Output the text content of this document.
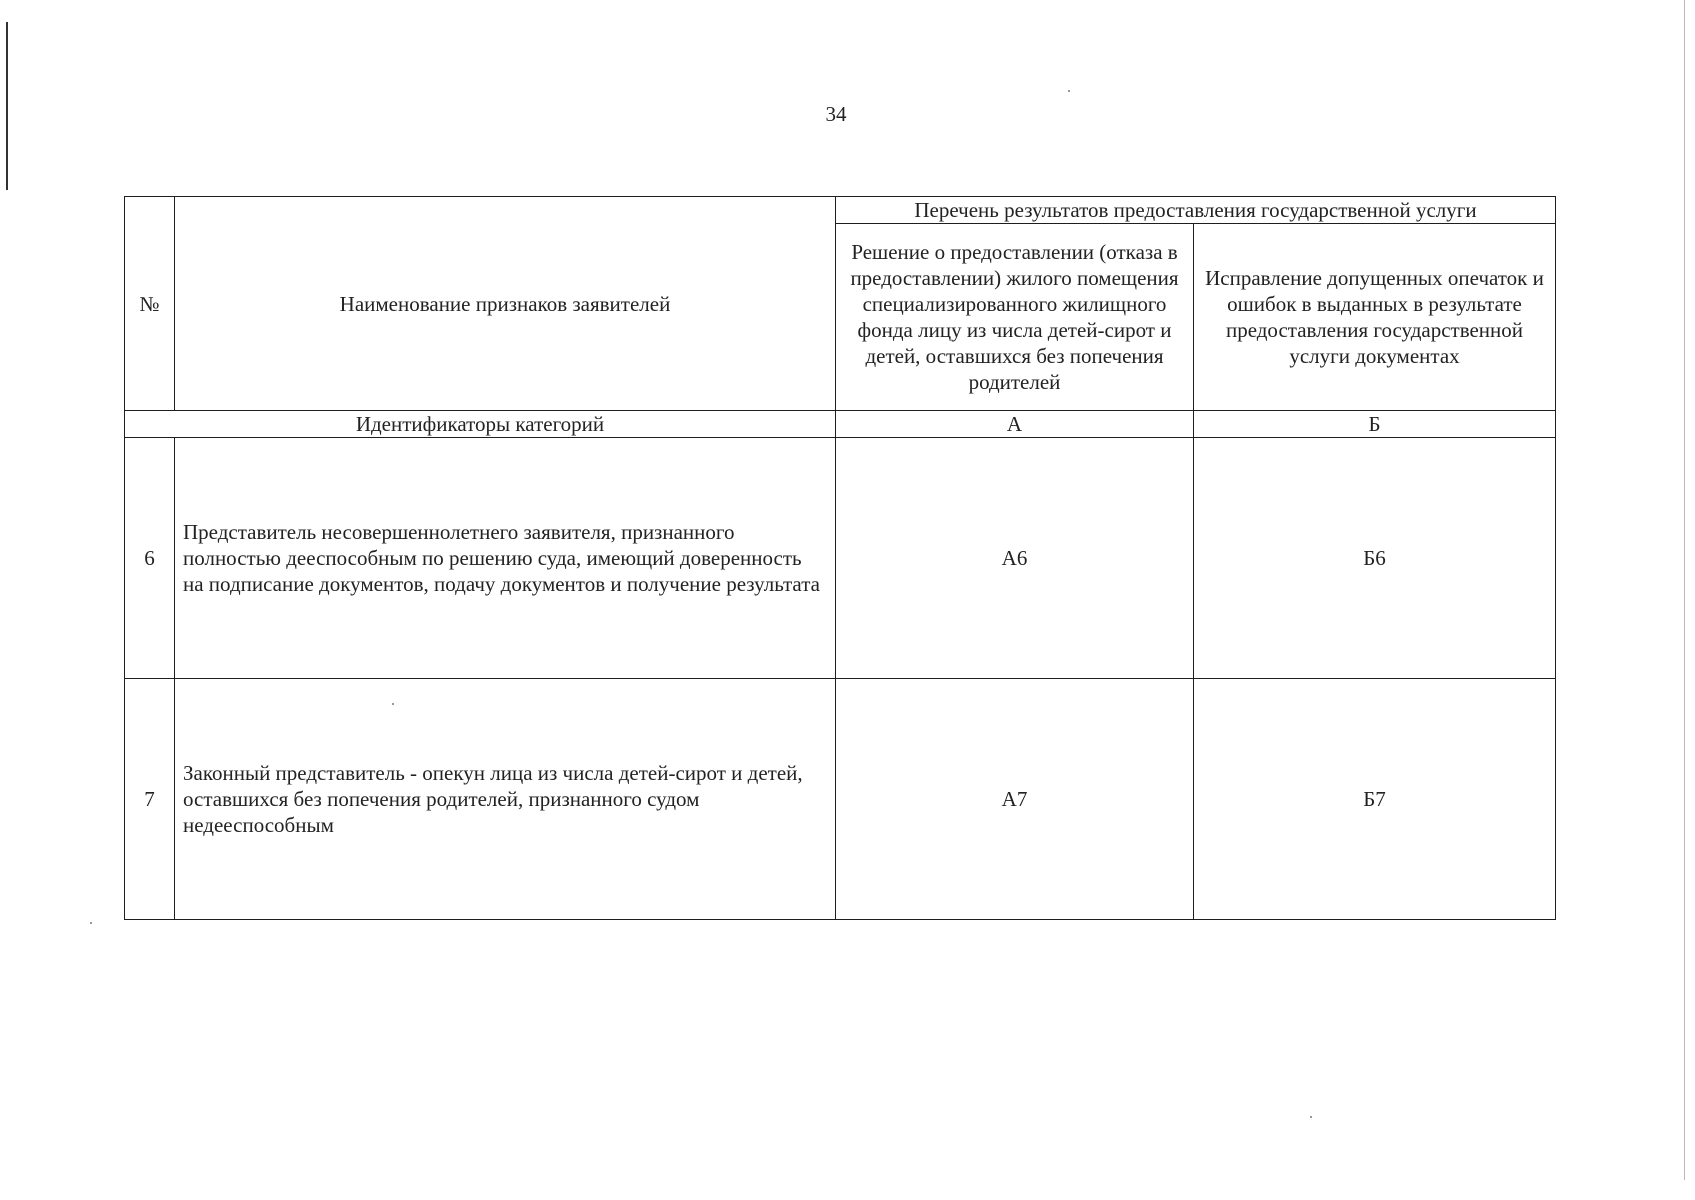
34
№	Наименование признаков заявителей	Перечень результатов предоставления государственной услуги	

		Решение о предоставлении (отказа в предоставлении) жилого помещения специализированного жилищного фонда лицу из числа детей-сирот и детей, оставшихся без попечения родителей	Исправление допущенных опечаток и ошибок в выданных в результате предоставления государственной услуги документах

Идентификаторы категорий		А	Б

6	Представитель несовершеннолетнего заявителя, признанного полностью дееспособным по решению суда, имеющий доверенность на подписание документов, подачу документов и получение результата	А6	Б6

7	Законный представитель - опекун лица из числа детей-сирот и детей, оставшихся без попечения родителей, признанного судом недееспособным	А7	Б7
